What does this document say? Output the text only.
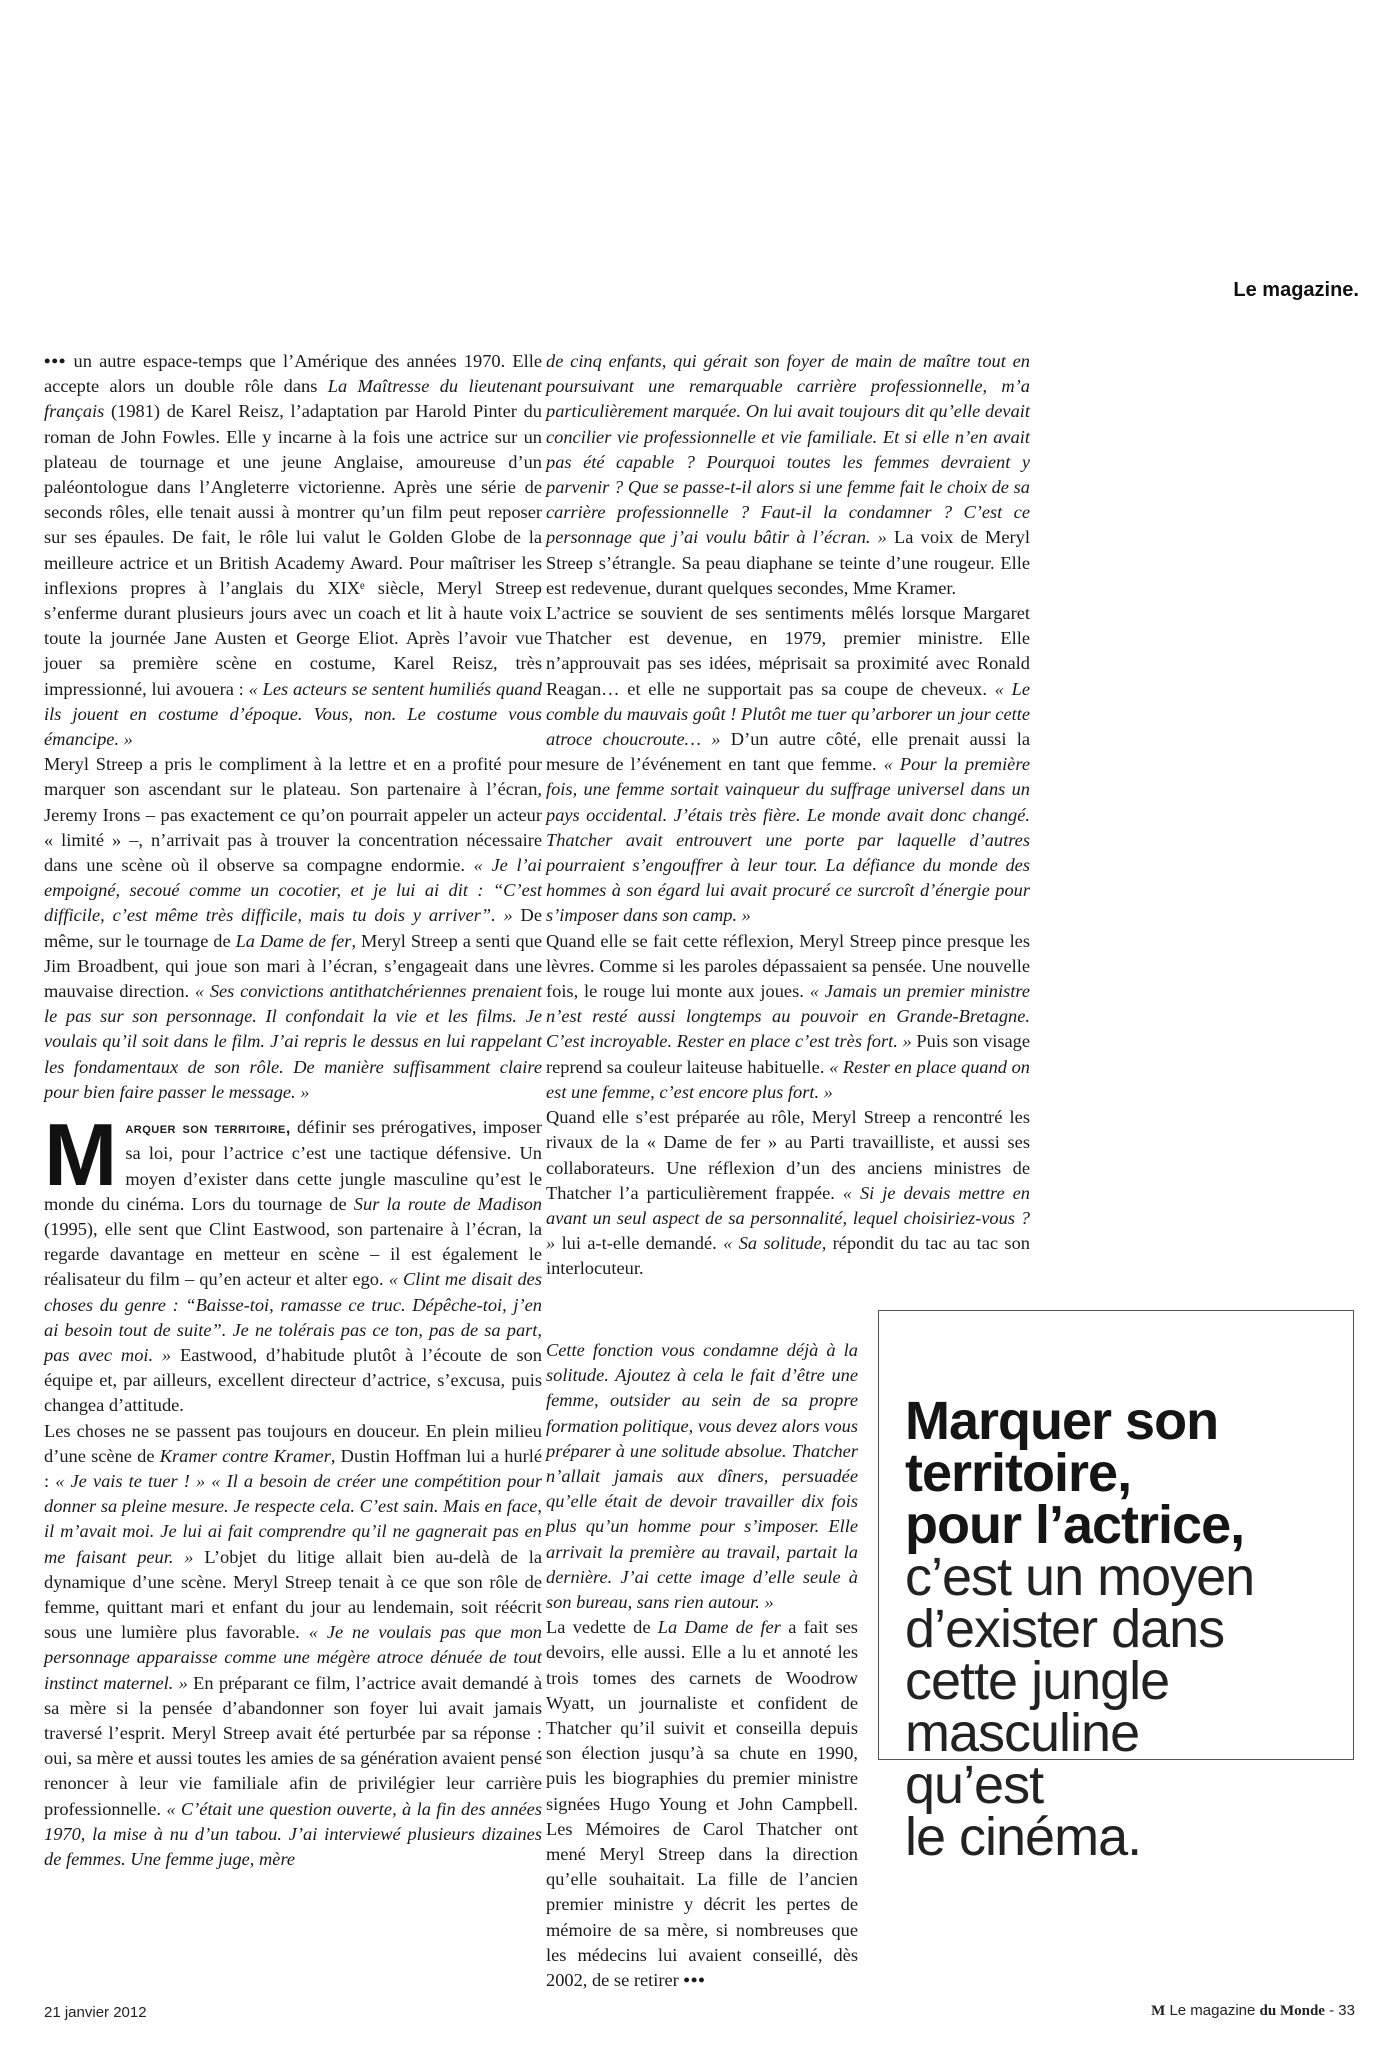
Le magazine.

••• un autre espace-temps que l’Amérique des années 1970. Elle accepte alors un double rôle dans La Maîtresse du lieutenant français (1981) de Karel Reisz, l’adaptation par Harold Pinter du roman de John Fowles. Elle y incarne à la fois une actrice sur un plateau de tournage et une jeune Anglaise, amoureuse d’un paléontologue dans l’Angleterre victorienne. Après une série de seconds rôles, elle tenait aussi à montrer qu’un film peut reposer sur ses épaules. De fait, le rôle lui valut le Golden Globe de la meilleure actrice et un British Academy Award. Pour maîtriser les inflexions propres à l’anglais du XIXᵉ siècle, Meryl Streep s’enferme durant plusieurs jours avec un coach et lit à haute voix toute la journée Jane Austen et George Eliot. Après l’avoir vue jouer sa première scène en costume, Karel Reisz, très impressionné, lui avouera : « Les acteurs se sentent humiliés quand ils jouent en costume d’époque. Vous, non. Le costume vous émancipe. »

Meryl Streep a pris le compliment à la lettre et en a profité pour marquer son ascendant sur le plateau. Son partenaire à l’écran, Jeremy Irons – pas exactement ce qu’on pourrait appeler un acteur « limité » –, n’arrivait pas à trouver la concentration nécessaire dans une scène où il observe sa compagne endormie. « Je l’ai empoigné, secoué comme un cocotier, et je lui ai dit : “C’est difficile, c’est même très difficile, mais tu dois y arriver”. » De même, sur le tournage de La Dame de fer, Meryl Streep a senti que Jim Broadbent, qui joue son mari à l’écran, s’engageait dans une mauvaise direction. « Ses convictions antithatchériennes prenaient le pas sur son personnage. Il confondait la vie et les films. Je voulais qu’il soit dans le film. J’ai repris le dessus en lui rappelant les fondamentaux de son rôle. De manière suffisamment claire pour bien faire passer le message. »

Marquer son territoire, définir ses prérogatives, imposer sa loi, pour l’actrice c’est une tactique défensive. Un moyen d’exister dans cette jungle masculine qu’est le monde du cinéma. Lors du tournage de Sur la route de Madison (1995), elle sent que Clint Eastwood, son partenaire à l’écran, la regarde davantage en metteur en scène – il est également le réalisateur du film – qu’en acteur et alter ego. « Clint me disait des choses du genre : “Baisse-toi, ramasse ce truc. Dépêche-toi, j’en ai besoin tout de suite”. Je ne tolérais pas ce ton, pas de sa part, pas avec moi. » Eastwood, d’habitude plutôt à l’écoute de son équipe et, par ailleurs, excellent directeur d’actrice, s’excusa, puis changea d’attitude.

Les choses ne se passent pas toujours en douceur. En plein milieu d’une scène de Kramer contre Kramer, Dustin Hoffman lui a hurlé : « Je vais te tuer ! » « Il a besoin de créer une compétition pour donner sa pleine mesure. Je respecte cela. C’est sain. Mais en face, il m’avait moi. Je lui ai fait comprendre qu’il ne gagnerait pas en me faisant peur. » L’objet du litige allait bien au-delà de la dynamique d’une scène. Meryl Streep tenait à ce que son rôle de femme, quittant mari et enfant du jour au lendemain, soit réécrit sous une lumière plus favorable. « Je ne voulais pas que mon personnage apparaisse comme une mégère atroce dénuée de tout instinct maternel. » En préparant ce film, l’actrice avait demandé à sa mère si la pensée d’abandonner son foyer lui avait jamais traversé l’esprit. Meryl Streep avait été perturbée par sa réponse : oui, sa mère et aussi toutes les amies de sa génération avaient pensé renoncer à leur vie familiale afin de privilégier leur carrière professionnelle. « C’était une question ouverte, à la fin des années 1970, la mise à nu d’un tabou. J’ai interviewé plusieurs dizaines de femmes. Une femme juge, mère

de cinq enfants, qui gérait son foyer de main de maître tout en poursuivant une remarquable carrière professionnelle, m’a particulièrement marquée. On lui avait toujours dit qu’elle devait concilier vie professionnelle et vie familiale. Et si elle n’en avait pas été capable ? Pourquoi toutes les femmes devraient y parvenir ? Que se passe-t-il alors si une femme fait le choix de sa carrière professionnelle ? Faut-il la condamner ? C’est ce personnage que j’ai voulu bâtir à l’écran. » La voix de Meryl Streep s’étrangle. Sa peau diaphane se teinte d’une rougeur. Elle est redevenue, durant quelques secondes, Mme Kramer.

L’actrice se souvient de ses sentiments mêlés lorsque Margaret Thatcher est devenue, en 1979, premier ministre. Elle n’approuvait pas ses idées, méprisait sa proximité avec Ronald Reagan… et elle ne supportait pas sa coupe de cheveux. « Le comble du mauvais goût ! Plutôt me tuer qu’arborer un jour cette atroce choucroute… » D’un autre côté, elle prenait aussi la mesure de l’événement en tant que femme. « Pour la première fois, une femme sortait vainqueur du suffrage universel dans un pays occidental. J’étais très fière. Le monde avait donc changé. Thatcher avait entrouvert une porte par laquelle d’autres pourraient s’engouffrer à leur tour. La défiance du monde des hommes à son égard lui avait procuré ce surcroît d’énergie pour s’imposer dans son camp. »

Quand elle se fait cette réflexion, Meryl Streep pince presque les lèvres. Comme si les paroles dépassaient sa pensée. Une nouvelle fois, le rouge lui monte aux joues. « Jamais un premier ministre n’est resté aussi longtemps au pouvoir en Grande-Bretagne. C’est incroyable. Rester en place c’est très fort. » Puis son visage reprend sa couleur laiteuse habituelle. « Rester en place quand on est une femme, c’est encore plus fort. »

Quand elle s’est préparée au rôle, Meryl Streep a rencontré les rivaux de la « Dame de fer » au Parti travailliste, et aussi ses collaborateurs. Une réflexion d’un des anciens ministres de Thatcher l’a particulièrement frappée. « Si je devais mettre en avant un seul aspect de sa personnalité, lequel choisiriez-vous ? » lui a-t-elle demandé. « Sa solitude, répondit du tac au tac son interlocuteur.

Cette fonction vous condamne déjà à la solitude. Ajoutez à cela le fait d’être une femme, outsider au sein de sa propre formation politique, vous devez alors vous préparer à une solitude absolue. Thatcher n’allait jamais aux dîners, persuadée qu’elle était de devoir travailler dix fois plus qu’un homme pour s’imposer. Elle arrivait la première au travail, partait la dernière. J’ai cette image d’elle seule à son bureau, sans rien autour. »

La vedette de La Dame de fer a fait ses devoirs, elle aussi. Elle a lu et annoté les trois tomes des carnets de Woodrow Wyatt, un journaliste et confident de Thatcher qu’il suivit et conseilla depuis son élection jusqu’à sa chute en 1990, puis les biographies du premier ministre signées Hugo Young et John Campbell. Les Mémoires de Carol Thatcher ont mené Meryl Streep dans la direction qu’elle souhaitait. La fille de l’ancien premier ministre y décrit les pertes de mémoire de sa mère, si nombreuses que les médecins lui avaient conseillé, dès 2002, de se retirer •••

Marquer son
territoire,
pour l’actrice,
c’est un moyen
d’exister dans
cette jungle
masculine
qu’est
le cinéma.
21 janvier 2012	M Le magazine du Monde - 33
